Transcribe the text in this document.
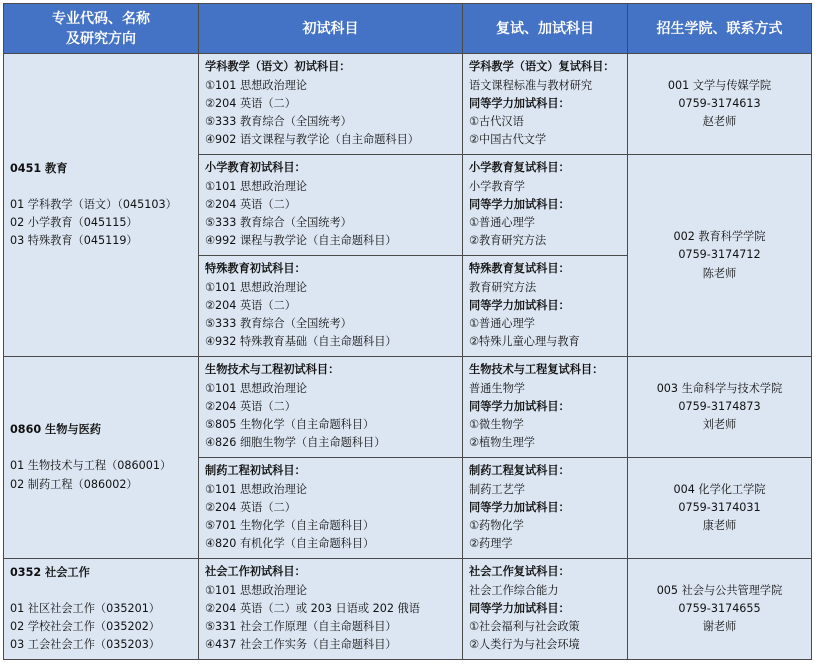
专业代码、名称
及研究方向	初试科目	复试、加试科目	招生学院、联系方式

0451 教育
01 学科教学（语文）（045103）
02 小学教育（045115）
03 特殊教育（045119）	学科教学（语文）初试科目：
①101 思想政治理论
②204 英语（二）
⑤333 教育综合（全国统考）
④902 语文课程与教学论（自主命题科目）	学科教学（语文）复试科目：
语文课程标准与教材研究
同等学力加试科目：
①古代汉语
②中国古代文学	001 文学与传媒学院
0759-3174613
赵老师

	小学教育初试科目：
①101 思想政治理论
②204 英语（二）
⑤333 教育综合（全国统考）
④992 课程与教学论（自主命题科目）	小学教育复试科目：
小学教育学
同等学力加试科目：
①普通心理学
②教育研究方法	002 教育科学学院
0759-3174712
陈老师

	特殊教育初试科目：
①101 思想政治理论
②204 英语（二）
⑤333 教育综合（全国统考）
④932 特殊教育基础（自主命题科目）	特殊教育复试科目：
教育研究方法
同等学力加试科目：
①普通心理学
②特殊儿童心理与教育	

0860 生物与医药
01 生物技术与工程（086001）
02 制药工程（086002）	生物技术与工程初试科目：
①101 思想政治理论
②204 英语（二）
⑤805 生物化学（自主命题科目）
④826 细胞生物学（自主命题科目）	生物技术与工程复试科目：
普通生物学
同等学力加试科目：
①微生物学
②植物生理学	003 生命科学与技术学院
0759-3174873
刘老师

	制药工程初试科目：
①101 思想政治理论
②204 英语（二）
⑤701 生物化学（自主命题科目）
④820 有机化学（自主命题科目）	制药工程复试科目：
制药工艺学
同等学力加试科目：
①药物化学
②药理学	004 化学化工学院
0759-3174031
康老师

0352 社会工作
01 社区社会工作（035201）
02 学校社会工作（035202）
03 工会社会工作（035203）	社会工作初试科目：
①101 思想政治理论
②204 英语（二）或 203 日语或 202 俄语
⑤331 社会工作原理（自主命题科目）
④437 社会工作实务（自主命题科目）	社会工作复试科目：
社会工作综合能力
同等学力加试科目：
①社会福利与社会政策
②人类行为与社会环境	005 社会与公共管理学院
0759-3174655
谢老师
